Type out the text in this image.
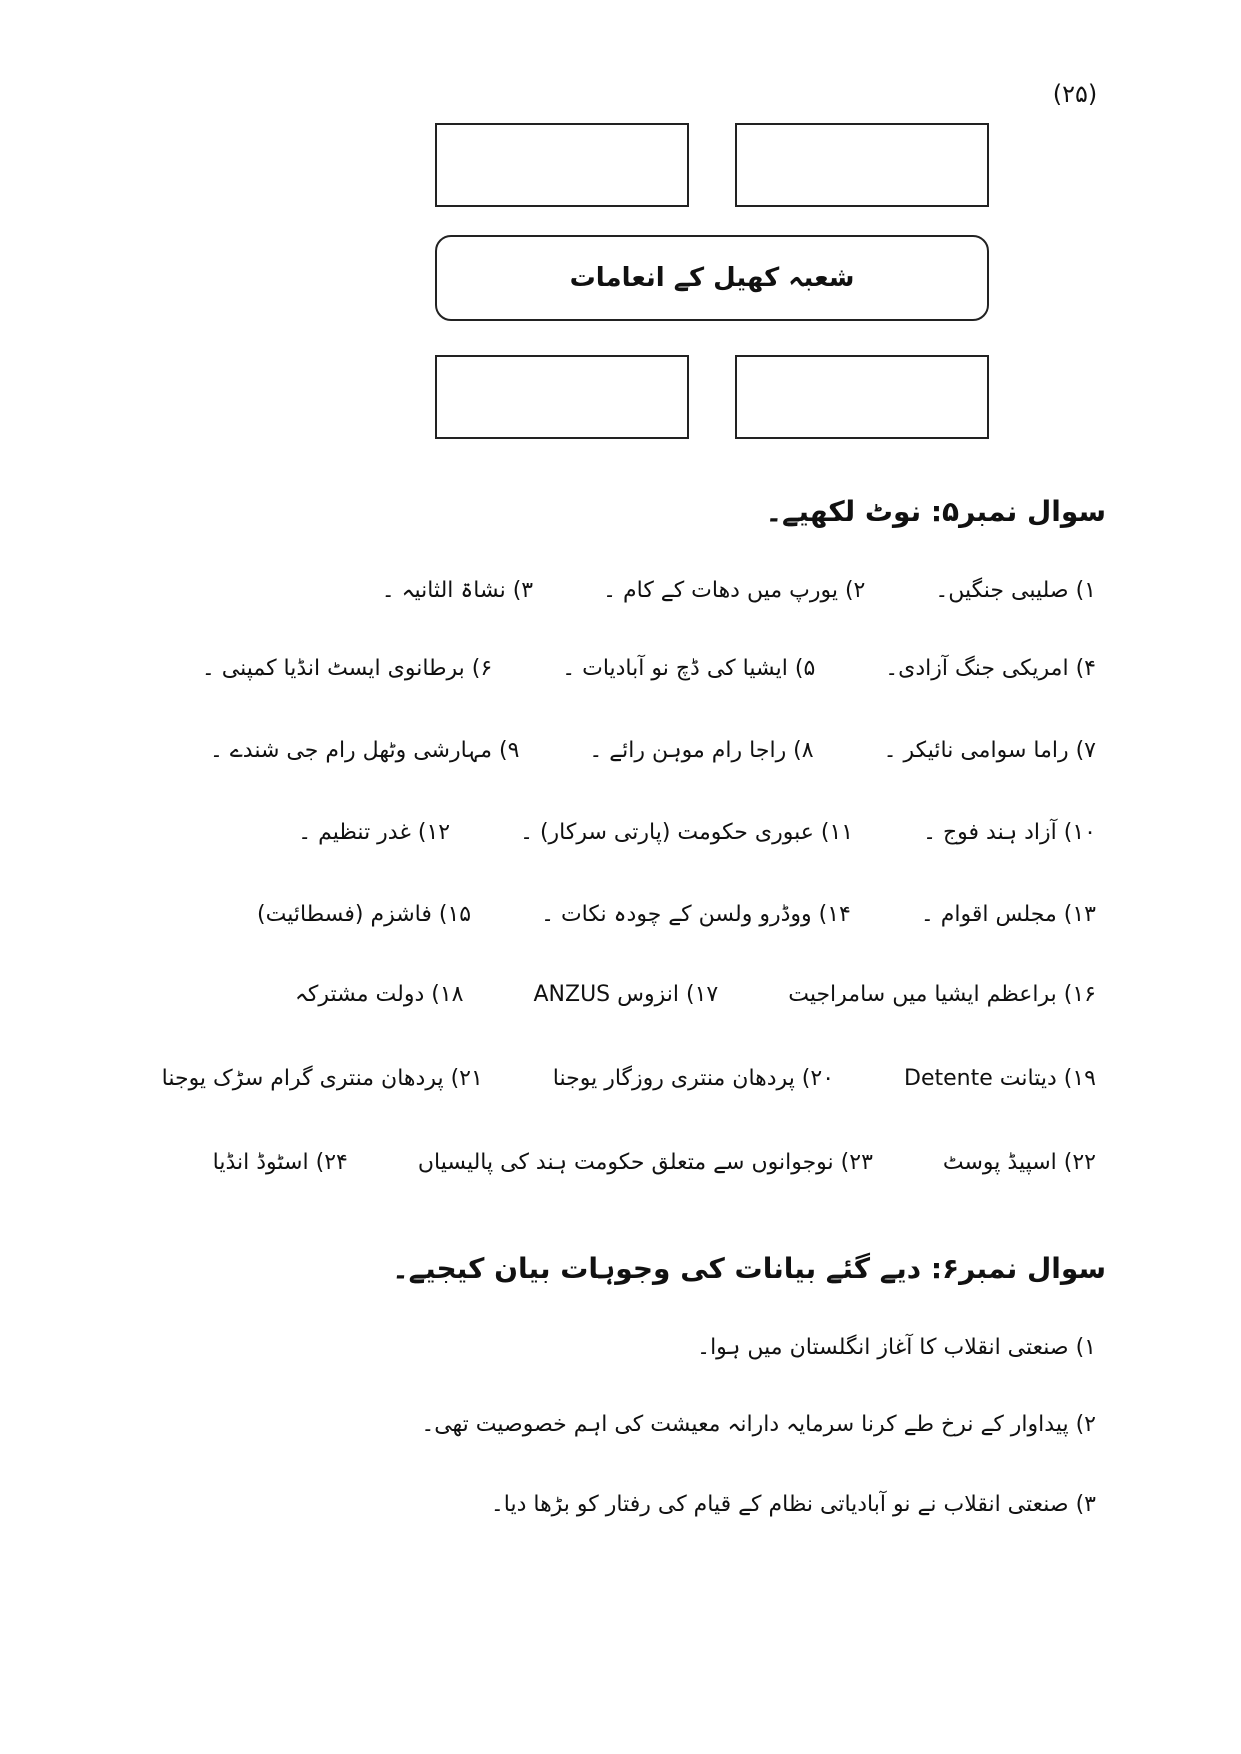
(۲۵)
شعبہ کھیل کے انعامات
سوال نمبر۵: نوٹ لکھیے۔
۱) صلیبی جنگیں۔
۲) یورپ میں دھات کے کام ۔
۳) نشاۃ الثانیہ ۔
۴) امریکی جنگ آزادی۔
۵) ایشیا کی ڈچ نو آبادیات ۔
۶) برطانوی ایسٹ انڈیا کمپنی ۔
۷) راما سوامی نائیکر ۔
۸) راجا رام موہن رائے ۔
۹) مہارشی وٹھل رام جی شندے ۔
۱۰) آزاد ہند فوج ۔
۱۱) عبوری حکومت (پارتی سرکار) ۔
۱۲) غدر تنظیم ۔
۱۳) مجلس اقوام ۔
۱۴) ووڈرو ولسن کے چودہ نکات ۔
۱۵) فاشزم (فسطائیت)
۱۶) براعظم ایشیا میں سامراجیت
۱۷) انزوس ANZUS
۱۸) دولت مشترکہ
۱۹) دیتانت Detente
۲۰) پردھان منتری روزگار یوجنا
۲۱) پردھان منتری گرام سڑک یوجنا
۲۲) اسپیڈ پوسٹ
۲۳) نوجوانوں سے متعلق حکومت ہند کی پالیسیاں
۲۴) اسٹوڈ انڈیا
سوال نمبر۶: دیے گئے بیانات کی وجوہات بیان کیجیے۔
۱) صنعتی انقلاب کا آغاز انگلستان میں ہوا۔
۲) پیداوار کے نرخ طے کرنا سرمایہ دارانہ معیشت کی اہم خصوصیت تھی۔
۳) صنعتی انقلاب نے نو آبادیاتی نظام کے قیام کی رفتار کو بڑھا دیا۔
